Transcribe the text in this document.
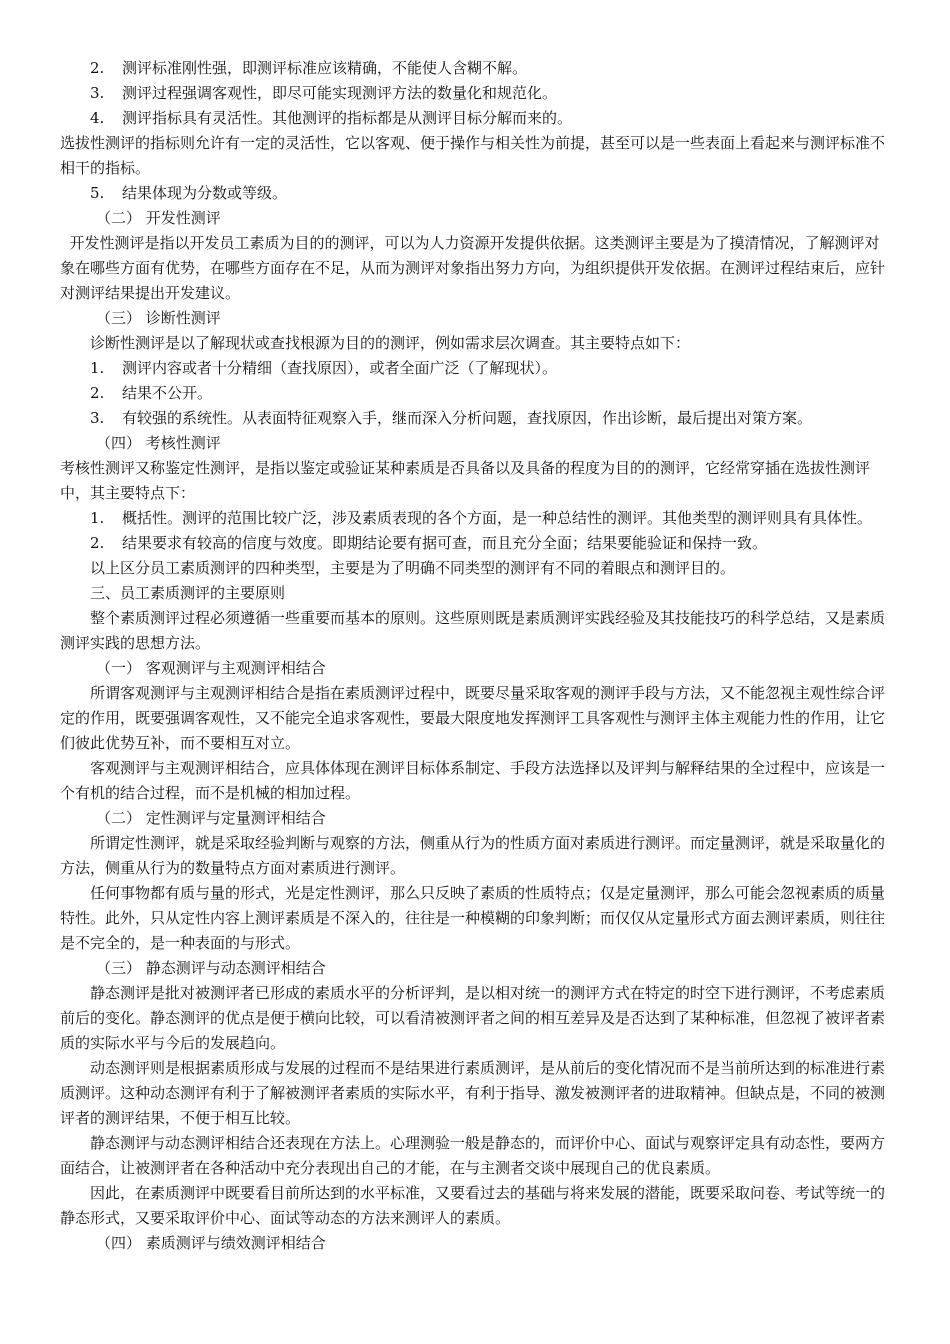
2.	测评标准刚性强，即测评标准应该精确，不能使人含糊不解。
3.	测评过程强调客观性，即尽可能实现测评方法的数量化和规范化。
4.	测评指标具有灵活性。其他测评的指标都是从测评目标分解而来的。

选拔性测评的指标则允许有一定的灵活性，它以客观、便于操作与相关性为前提，甚至可以是一些表面上看起来与测评标准不相干的指标。

5.	结果体现为分数或等级。

（二） 开发性测评

开发性测评是指以开发员工素质为目的的测评，可以为人力资源开发提供依据。这类测评主要是为了摸清情况，了解测评对象在哪些方面有优势，在哪些方面存在不足，从而为测评对象指出努力方向，为组织提供开发依据。在测评过程结束后，应针对测评结果提出开发建议。

（三） 诊断性测评

诊断性测评是以了解现状或查找根源为目的的测评，例如需求层次调查。其主要特点如下：

1.	测评内容或者十分精细（查找原因），或者全面广泛（了解现状）。
2.	结果不公开。
3.	有较强的系统性。从表面特征观察入手，继而深入分析问题，查找原因，作出诊断，最后提出对策方案。

（四） 考核性测评

考核性测评又称鉴定性测评，是指以鉴定或验证某种素质是否具备以及具备的程度为目的的测评，它经常穿插在选拔性测评中，其主要特点下：

1.	概括性。测评的范围比较广泛，涉及素质表现的各个方面，是一种总结性的测评。其他类型的测评则具有具体性。
2.	结果要求有较高的信度与效度。即期结论要有据可查，而且充分全面；结果要能验证和保持一致。

以上区分员工素质测评的四种类型，主要是为了明确不同类型的测评有不同的着眼点和测评目的。

三、员工素质测评的主要原则

整个素质测评过程必须遵循一些重要而基本的原则。这些原则既是素质测评实践经验及其技能技巧的科学总结，又是素质测评实践的思想方法。

（一） 客观测评与主观测评相结合

所谓客观测评与主观测评相结合是指在素质测评过程中，既要尽量采取客观的测评手段与方法，又不能忽视主观性综合评定的作用，既要强调客观性，又不能完全追求客观性，要最大限度地发挥测评工具客观性与测评主体主观能力性的作用，让它们彼此优势互补，而不要相互对立。

客观测评与主观测评相结合，应具体体现在测评目标体系制定、手段方法选择以及评判与解释结果的全过程中，应该是一个有机的结合过程，而不是机械的相加过程。

（二） 定性测评与定量测评相结合

所谓定性测评，就是采取经验判断与观察的方法，侧重从行为的性质方面对素质进行测评。而定量测评，就是采取量化的方法，侧重从行为的数量特点方面对素质进行测评。

任何事物都有质与量的形式，光是定性测评，那么只反映了素质的性质特点；仅是定量测评，那么可能会忽视素质的质量特性。此外，只从定性内容上测评素质是不深入的，往往是一种模糊的印象判断；而仅仅从定量形式方面去测评素质，则往往是不完全的，是一种表面的与形式。

（三） 静态测评与动态测评相结合

静态测评是批对被测评者已形成的素质水平的分析评判，是以相对统一的测评方式在特定的时空下进行测评，不考虑素质前后的变化。静态测评的优点是便于横向比较，可以看清被测评者之间的相互差异及是否达到了某种标准，但忽视了被评者素质的实际水平与今后的发展趋向。

动态测评则是根据素质形成与发展的过程而不是结果进行素质测评，是从前后的变化情况而不是当前所达到的标准进行素质测评。这种动态测评有利于了解被测评者素质的实际水平，有利于指导、激发被测评者的进取精神。但缺点是，不同的被测评者的测评结果，不便于相互比较。

静态测评与动态测评相结合还表现在方法上。心理测验一般是静态的，而评价中心、面试与观察评定具有动态性，要两方面结合，让被测评者在各种活动中充分表现出自己的才能，在与主测者交谈中展现自己的优良素质。

因此，在素质测评中既要看目前所达到的水平标准，又要看过去的基础与将来发展的潜能，既要采取问卷、考试等统一的静态形式，又要采取评价中心、面试等动态的方法来测评人的素质。

（四） 素质测评与绩效测评相结合
